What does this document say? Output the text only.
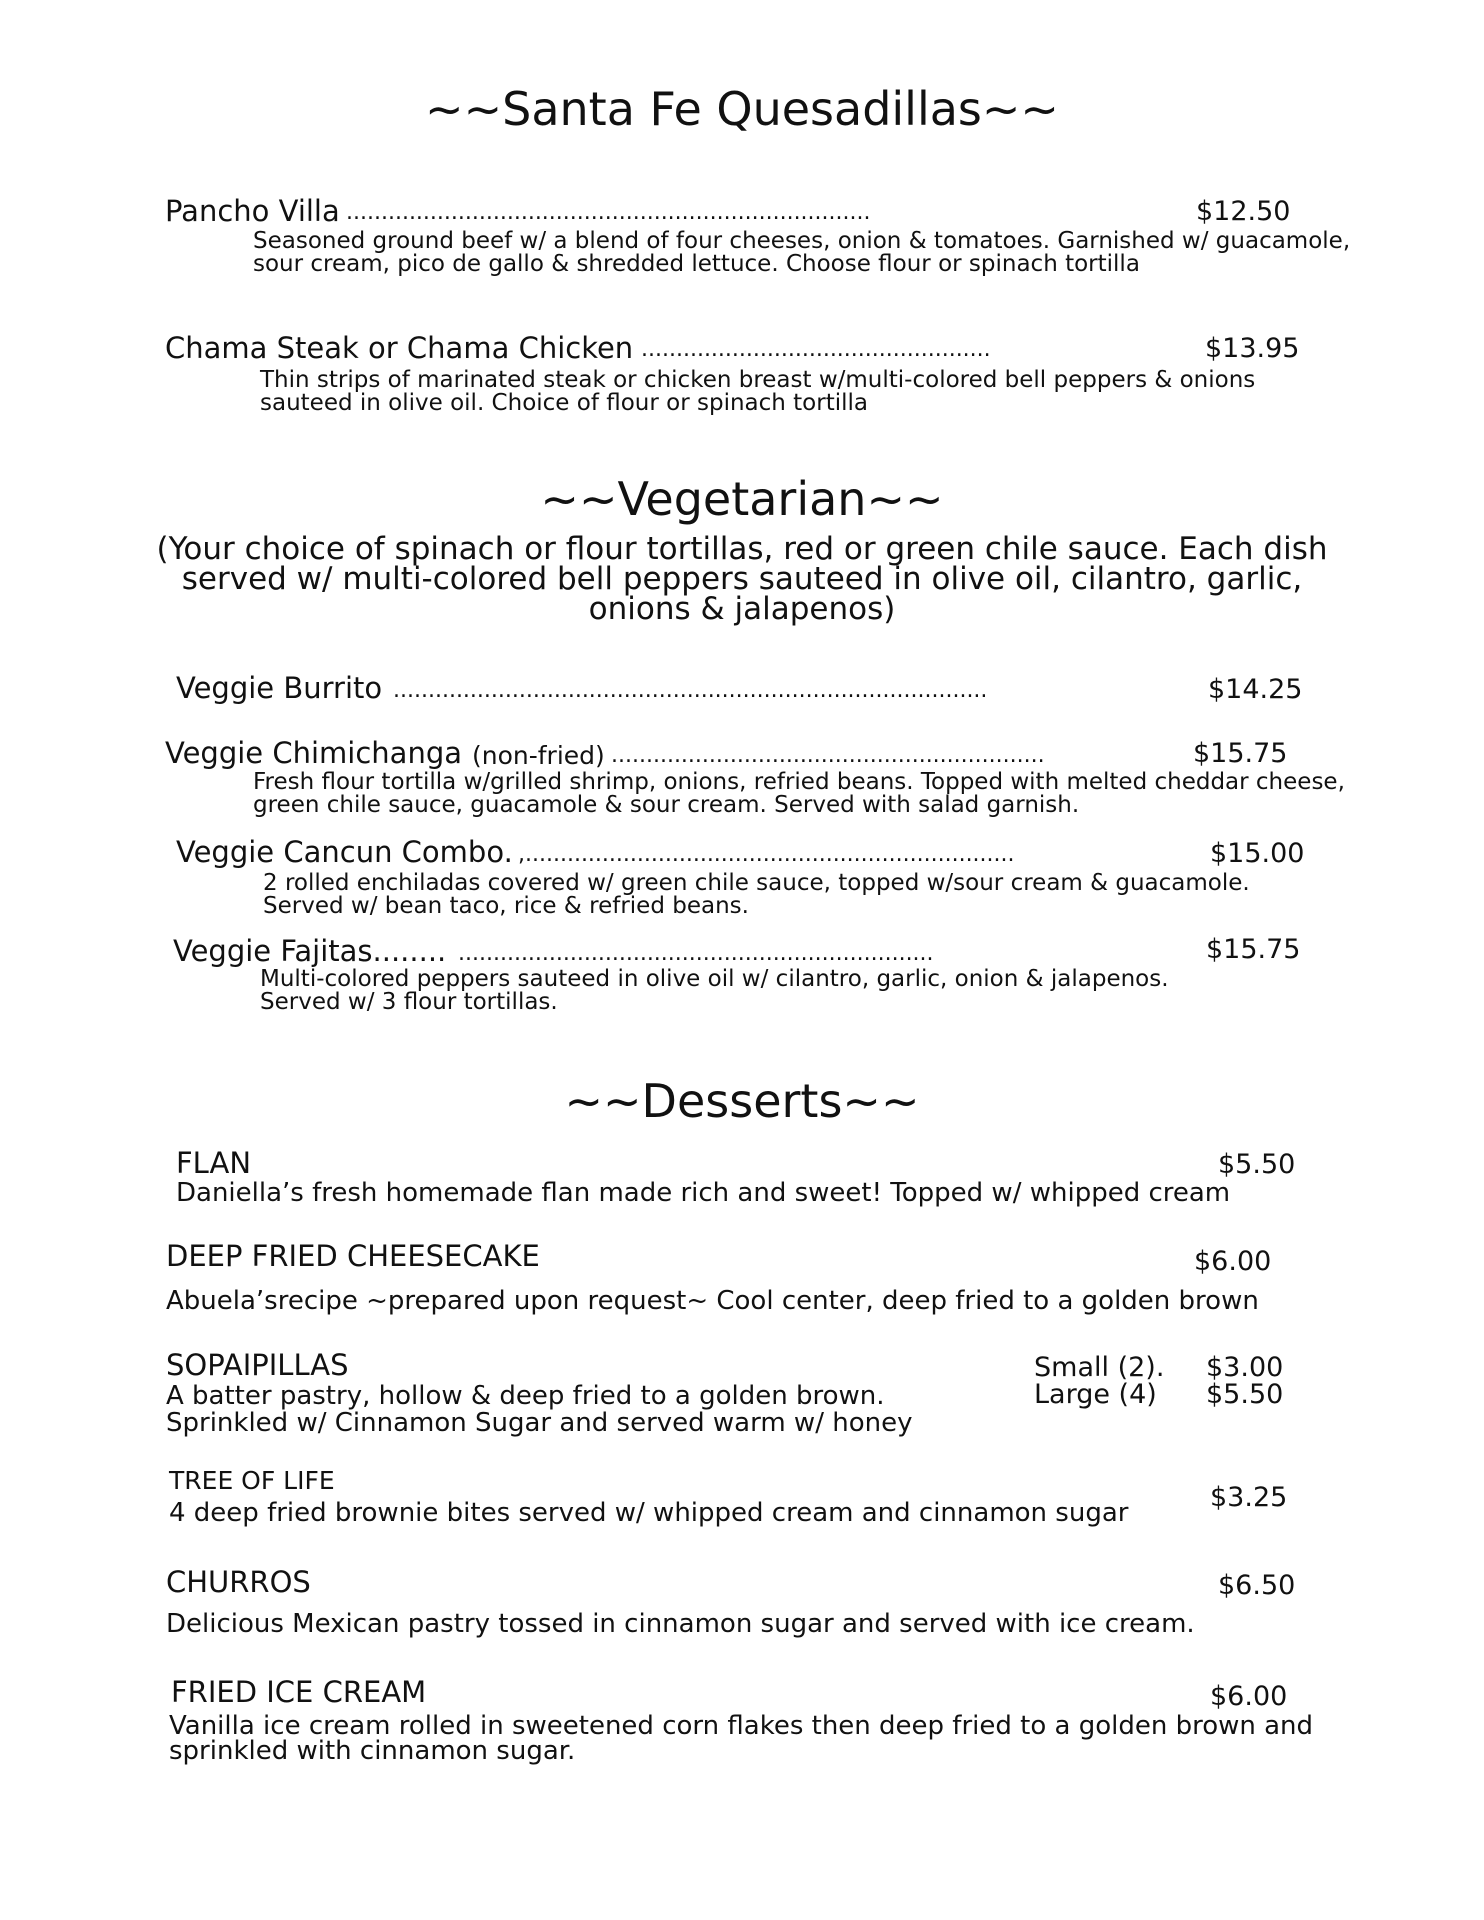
~~Santa Fe Quesadillas~~
Pancho Villa ...........................................................................	$12.50
Seasoned ground beef w/ a blend of four cheeses, onion & tomatoes. Garnished w/ guacamole,
sour cream, pico de gallo & shredded lettuce. Choose flour or spinach tortilla
Chama Steak or Chama Chicken ..................................................	$13.95
Thin strips of marinated steak or chicken breast w/multi-colored bell peppers & onions
sauteed in olive oil. Choice of flour or spinach tortilla
~~Vegetarian~~
(Your choice of spinach or flour tortillas, red or green chile sauce. Each dish
served w/ multi-colored bell peppers sauteed in olive oil, cilantro, garlic,
onions & jalapenos)
Veggie Burrito .....................................................................................	$14.25
Veggie Chimichanga (non-fried) ..............................................................	$15.75
Fresh flour tortilla w/grilled shrimp, onions, refried beans. Topped with melted cheddar cheese,
green chile sauce, guacamole & sour cream. Served with salad garnish.
Veggie Cancun Combo. ,......................................................................	$15.00
2 rolled enchiladas covered w/ green chile sauce, topped w/sour cream & guacamole.
Served w/ bean taco, rice & refried beans.
Veggie Fajitas........ ....................................................................	$15.75
Multi-colored peppers sauteed in olive oil w/ cilantro, garlic, onion & jalapenos.
Served w/ 3 flour tortillas.
~~Desserts~~
FLAN	$5.50
Daniella’s fresh homemade flan made rich and sweet! Topped w/ whipped cream
DEEP FRIED CHEESECAKE	$6.00
Abuela’srecipe ~prepared upon request~ Cool center, deep fried to a golden brown
SOPAIPILLAS	Small (2). $3.00
Large (4) $5.50
A batter pastry, hollow & deep fried to a golden brown.
Sprinkled w/ Cinnamon Sugar and served warm w/ honey
TREE OF LIFE
$3.25
4 deep fried brownie bites served w/ whipped cream and cinnamon sugar
CHURROS	$6.50
Delicious Mexican pastry tossed in cinnamon sugar and served with ice cream.
FRIED ICE CREAM	$6.00
Vanilla ice cream rolled in sweetened corn flakes then deep fried to a golden brown and
sprinkled with cinnamon sugar.
